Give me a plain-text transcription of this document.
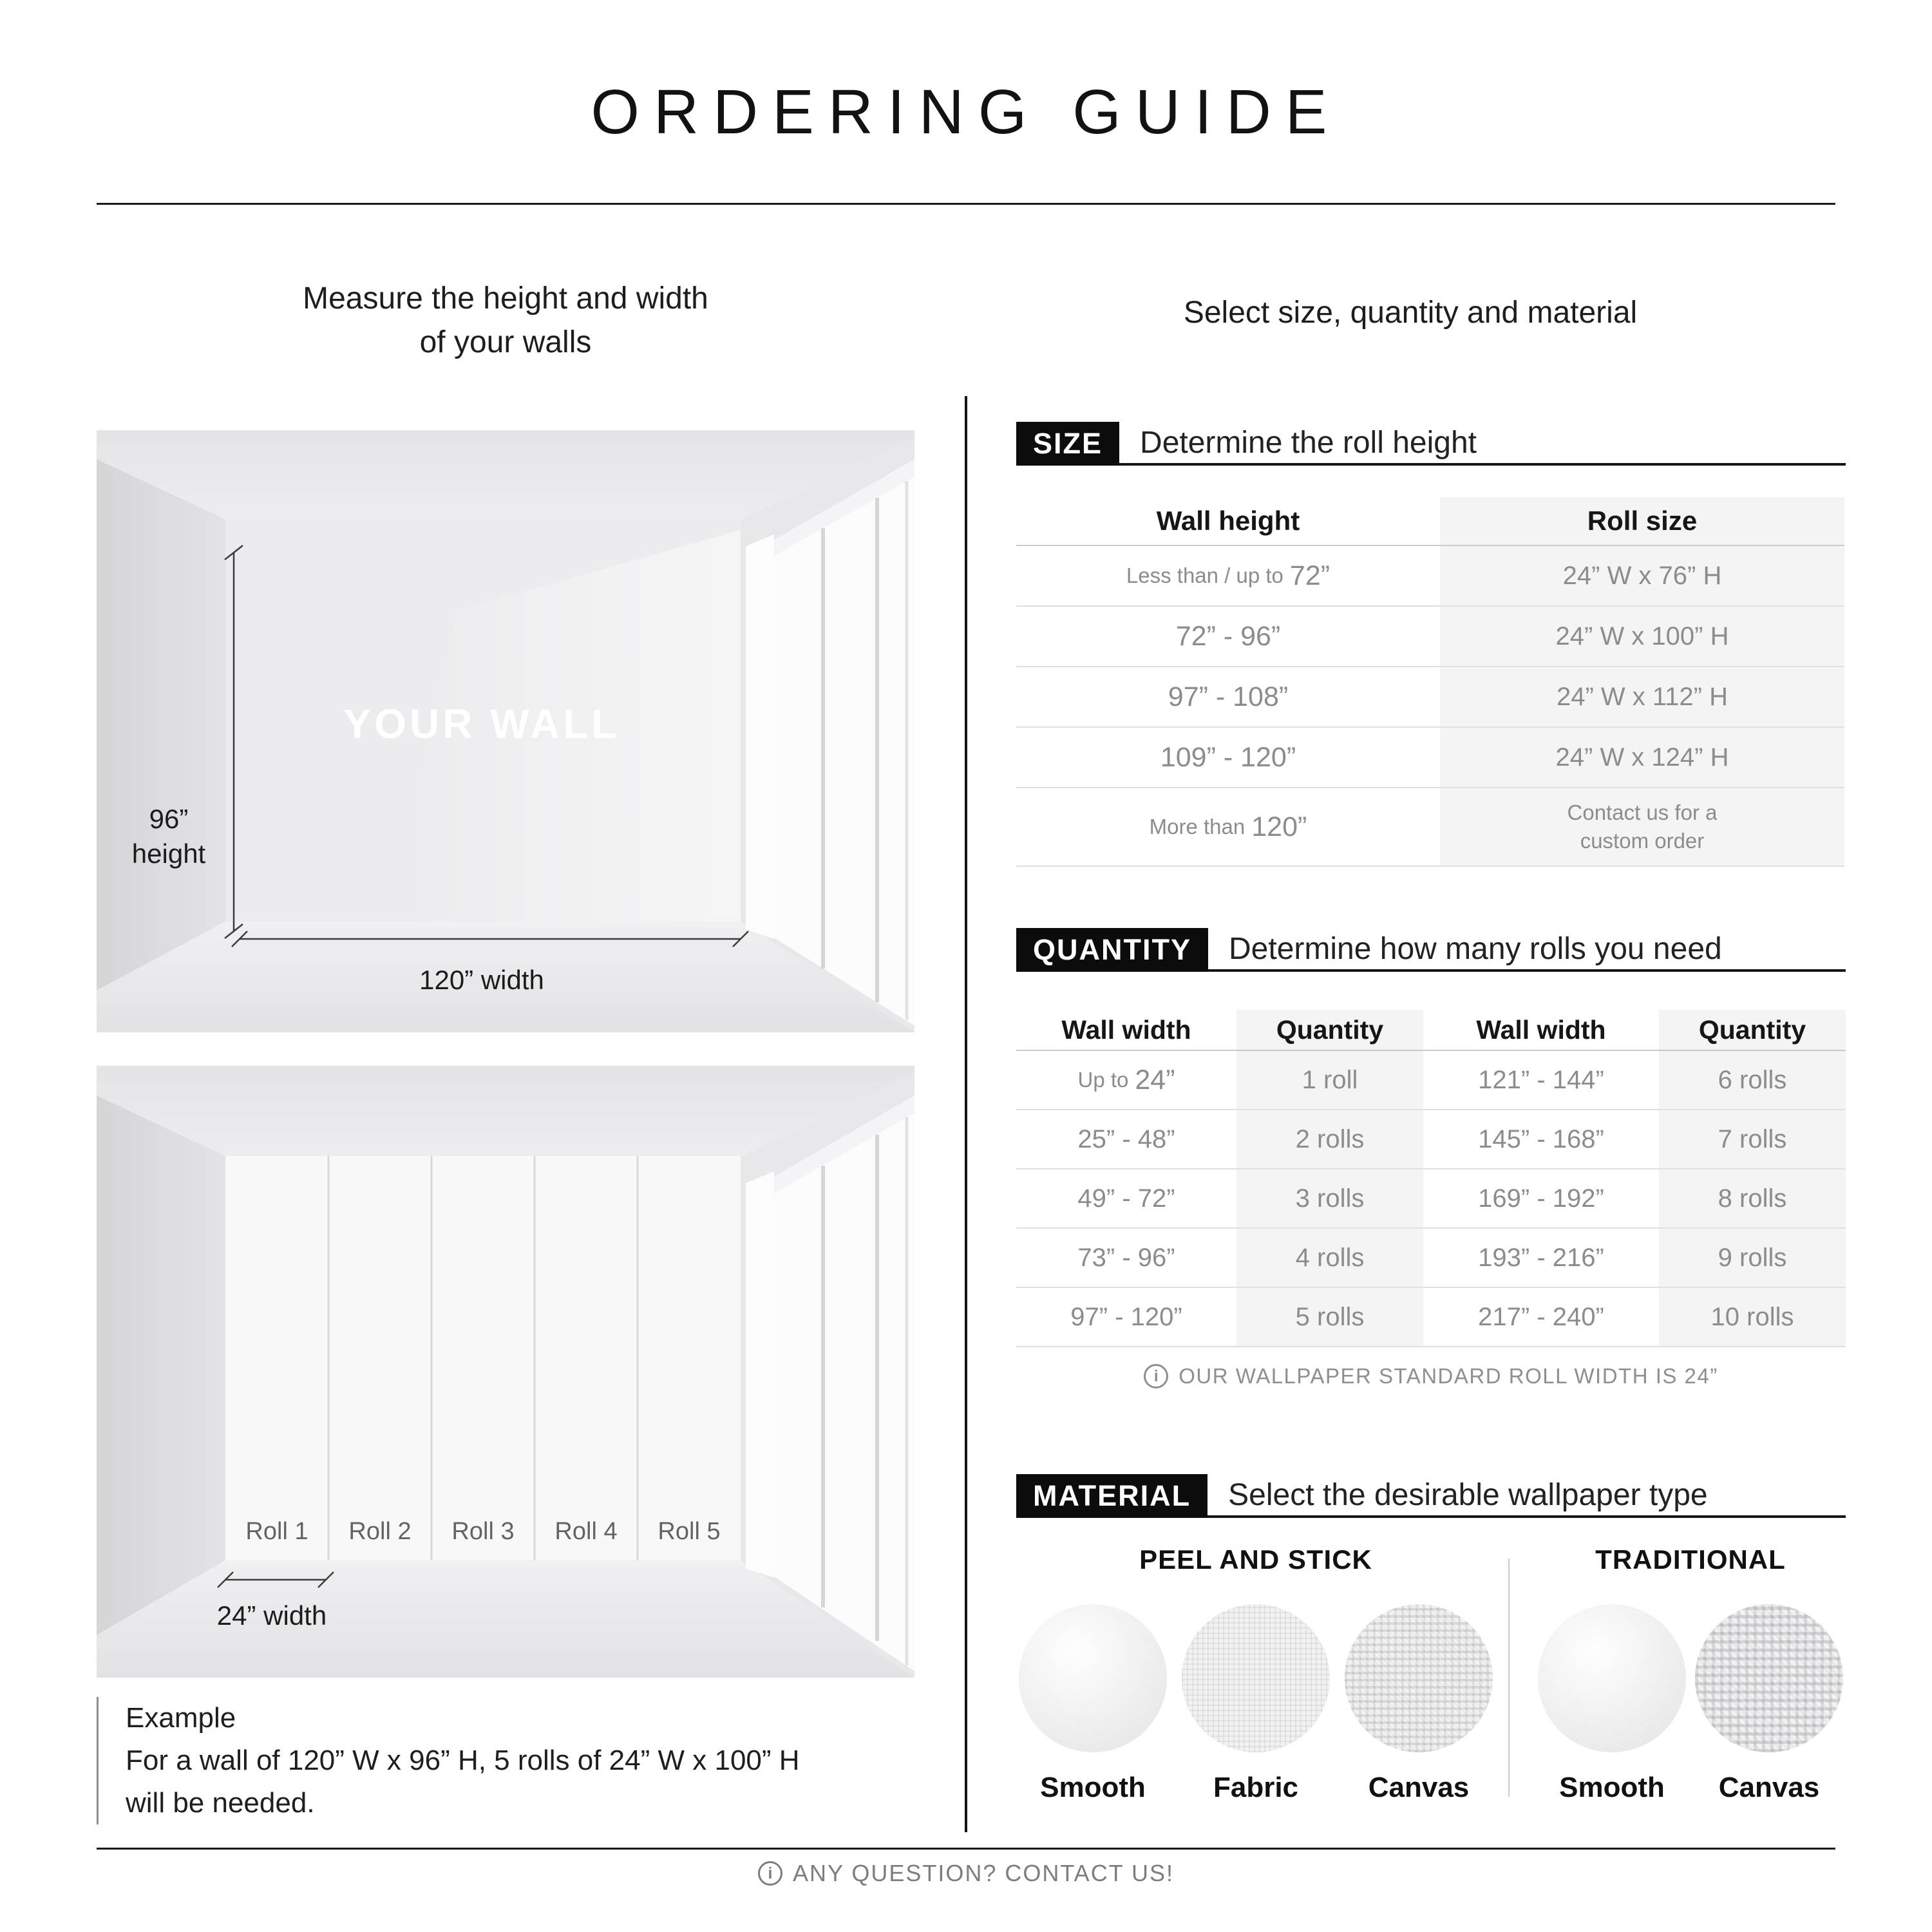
ORDERING GUIDE
Measure the height and width
of your walls
Select size, quantity and material
96”
height
YOUR WALL
120” width
Roll 1 Roll 2 Roll 3 Roll 4 Roll 5
24” width
Example
For a wall of 120” W x 96” H, 5 rolls of 24” W x 100” H
will be needed.
SIZE	Determine the roll height
Wall height	Roll size
Less than / up to 72”	24” W x 76” H
72” - 96”	24” W x 100” H
97” - 108”	24” W x 112” H
109” - 120”	24” W x 124” H
More than 120”	Contact us for a
custom order
QUANTITY	Determine how many rolls you need
Wall width	Quantity	Wall width	Quantity
Up to 24”	1 roll	121” - 144”	6 rolls
25” - 48”	2 rolls	145” - 168”	7 rolls
49” - 72”	3 rolls	169” - 192”	8 rolls
73” - 96”	4 rolls	193” - 216”	9 rolls
97” - 120”	5 rolls	217” - 240”	10 rolls
i OUR WALLPAPER STANDARD ROLL WIDTH IS 24”
MATERIAL	Select the desirable wallpaper type
PEEL AND STICK
Smooth Fabric Canvas
TRADITIONAL
Smooth Canvas
i ANY QUESTION? CONTACT US!
